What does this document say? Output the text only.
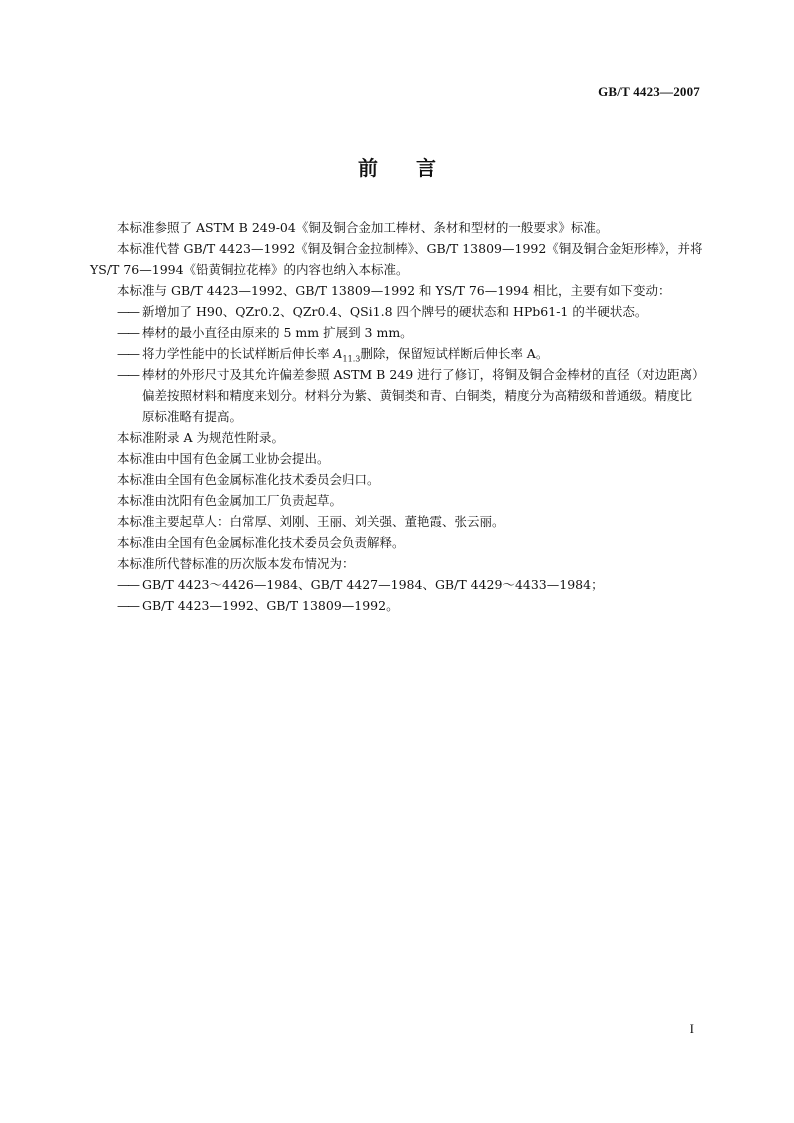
GB/T 4423—2007
前言

本标准参照了 ASTM B 249-04《铜及铜合金加工棒材、条材和型材的一般要求》标准。

本标准代替 GB/T 4423—1992《铜及铜合金拉制棒》、GB/T 13809—1992《铜及铜合金矩形棒》，并将 YS/T 76—1994《铅黄铜拉花棒》的内容也纳入本标准。

本标准与 GB/T 4423—1992、GB/T 13809—1992 和 YS/T 76—1994 相比，主要有如下变动：

—— 新增加了 H90、QZr0.2、QZr0.4、QSi1.8 四个牌号的硬状态和 HPb61-1 的半硬状态。

—— 棒材的最小直径由原来的 5 mm 扩展到 3 mm。

—— 将力学性能中的长试样断后伸长率 $A_{11.3}$删除，保留短试样断后伸长率 A。

—— 棒材的外形尺寸及其允许偏差参照 ASTM B 249 进行了修订，将铜及铜合金棒材的直径（对边距离）偏差按照材料和精度来划分。材料分为紫、黄铜类和青、白铜类，精度分为高精级和普通级。精度比原标准略有提高。

本标准附录 A 为规范性附录。

本标准由中国有色金属工业协会提出。

本标准由全国有色金属标准化技术委员会归口。

本标准由沈阳有色金属加工厂负责起草。

本标准主要起草人：白常厚、刘刚、王丽、刘关强、董艳霞、张云丽。

本标准由全国有色金属标准化技术委员会负责解释。

本标准所代替标准的历次版本发布情况为：

—— GB/T 4423～4426—1984、GB/T 4427—1984、GB/T 4429～4433—1984；

—— GB/T 4423—1992、GB/T 13809—1992。

I
